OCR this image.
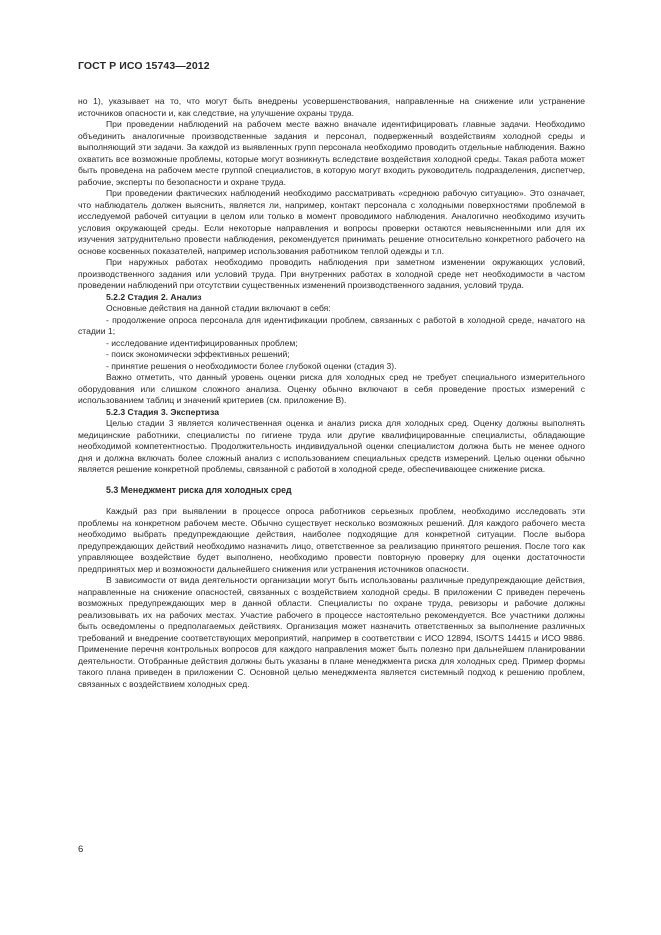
ГОСТ Р ИСО 15743—2012

но 1), указывает на то, что могут быть внедрены усовершенствования, направленные на снижение или устранение источников опасности и, как следствие, на улучшение охраны труда.

При проведении наблюдений на рабочем месте важно вначале идентифицировать главные задачи. Необходимо объединить аналогичные производственные задания и персонал, подверженный воздействиям холодной среды и выполняющий эти задачи. За каждой из выявленных групп персонала необходимо проводить отдельные наблюдения. Важно охватить все возможные проблемы, которые могут возникнуть вследствие воздействия холодной среды. Такая работа может быть проведена на рабочем месте группой специалистов, в которую могут входить руководитель подразделения, диспетчер, рабочие, эксперты по безопасности и охране труда.

При проведении фактических наблюдений необходимо рассматривать «среднюю рабочую ситуацию». Это означает, что наблюдатель должен выяснить, является ли, например, контакт персонала с холодными поверхностями проблемой в исследуемой рабочей ситуации в целом или только в момент проводимого наблюдения. Аналогично необходимо изучить условия окружающей среды. Если некоторые направления и вопросы проверки остаются невыясненными или для их изучения затруднительно провести наблюдения, рекомендуется принимать решение относительно конкретного рабочего на основе косвенных показателей, например использования работником теплой одежды и т.п.

При наружных работах необходимо проводить наблюдения при заметном изменении окружающих условий, производственного задания или условий труда. При внутренних работах в холодной среде нет необходимости в частом проведении наблюдений при отсутствии существенных изменений производственного задания, условий труда.

5.2.2 Стадия 2. Анализ

Основные действия на данной стадии включают в себя:

- продолжение опроса персонала для идентификации проблем, связанных с работой в холодной среде, начатого на стадии 1;

- исследование идентифицированных проблем;

- поиск экономически эффективных решений;

- принятие решения о необходимости более глубокой оценки (стадия 3).

Важно отметить, что данный уровень оценки риска для холодных сред не требует специального измерительного оборудования или слишком сложного анализа. Оценку обычно включают в себя проведение простых измерений с использованием таблиц и значений критериев (см. приложение В).

5.2.3 Стадия 3. Экспертиза

Целью стадии 3 является количественная оценка и анализ риска для холодных сред. Оценку должны выполнять медицинские работники, специалисты по гигиене труда или другие квалифицированные специалисты, обладающие необходимой компетентностью. Продолжительность индивидуальной оценки специалистом должна быть не менее одного дня и должна включать более сложный анализ с использованием специальных средств измерений. Целью оценки обычно является решение конкретной проблемы, связанной с работой в холодной среде, обеспечивающее снижение риска.

5.3 Менеджмент риска для холодных сред

Каждый раз при выявлении в процессе опроса работников серьезных проблем, необходимо исследовать эти проблемы на конкретном рабочем месте. Обычно существует несколько возможных решений. Для каждого рабочего места необходимо выбрать предупреждающие действия, наиболее подходящие для конкретной ситуации. После выбора предупреждающих действий необходимо назначить лицо, ответственное за реализацию принятого решения. После того как управляющее воздействие будет выполнено, необходимо провести повторную проверку для оценки достаточности предпринятых мер и возможности дальнейшего снижения или устранения источников опасности.

В зависимости от вида деятельности организации могут быть использованы различные предупреждающие действия, направленные на снижение опасностей, связанных с воздействием холодной среды. В приложении С приведен перечень возможных предупреждающих мер в данной области. Специалисты по охране труда, ревизоры и рабочие должны реализовывать их на рабочих местах. Участие рабочего в процессе настоятельно рекомендуется. Все участники должны быть осведомлены о предполагаемых действиях. Организация может назначить ответственных за выполнение различных требований и внедрение соответствующих мероприятий, например в соответствии с ИСО 12894, ISO/TS 14415 и ИСО 9886. Применение перечня контрольных вопросов для каждого направления может быть полезно при дальнейшем планировании деятельности. Отобранные действия должны быть указаны в плане менеджмента риска для холодных сред. Пример формы такого плана приведен в приложении С. Основной целью менеджмента является системный подход к решению проблем, связанных с воздействием холодных сред.

6
